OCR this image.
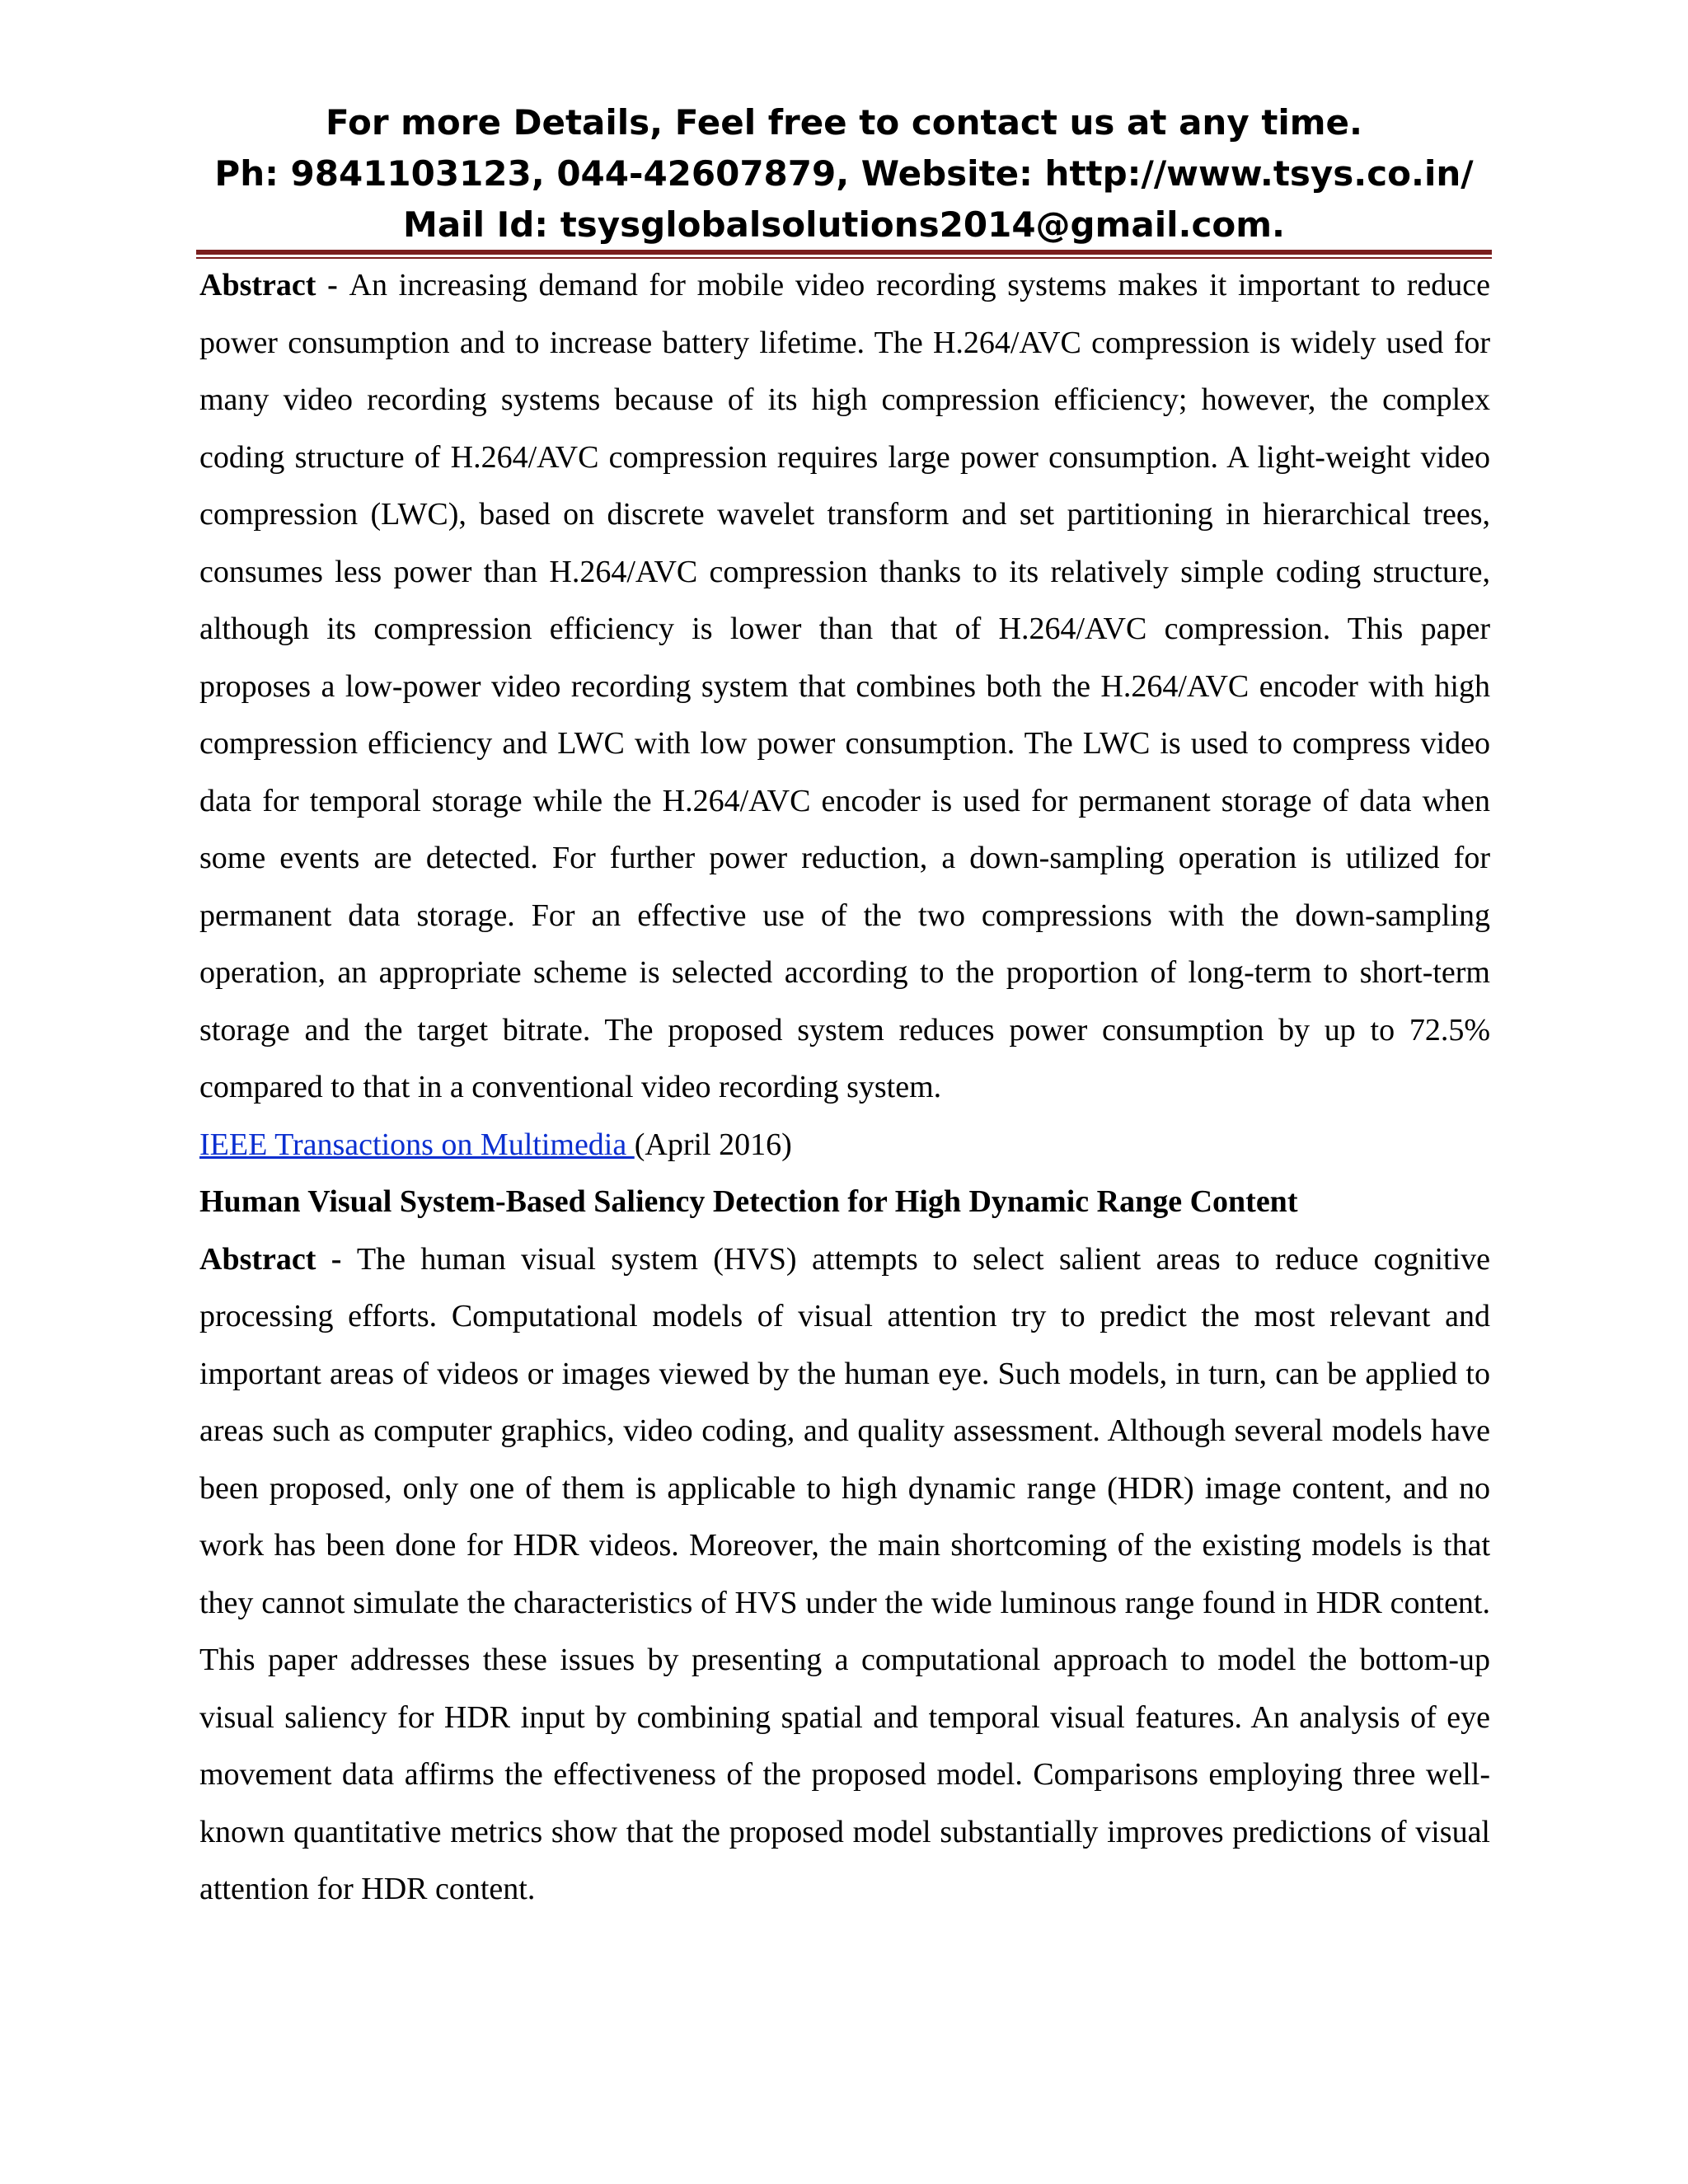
For more Details, Feel free to contact us at any time.
Ph: 9841103123, 044-42607879, Website: http://www.tsys.co.in/
Mail Id: tsysglobalsolutions2014@gmail.com.

Abstract - An increasing demand for mobile video recording systems makes it important to reduce power consumption and to increase battery lifetime. The H.264/AVC compression is widely used for many video recording systems because of its high compression efficiency; however, the complex coding structure of H.264/AVC compression requires large power consumption. A light-weight video compression (LWC), based on discrete wavelet transform and set partitioning in hierarchical trees, consumes less power than H.264/AVC compression thanks to its relatively simple coding structure, although its compression efficiency is lower than that of H.264/AVC compression. This paper proposes a low-power video recording system that combines both the H.264/AVC encoder with high compression efficiency and LWC with low power consumption. The LWC is used to compress video data for temporal storage while the H.264/AVC encoder is used for permanent storage of data when some events are detected. For further power reduction, a down-sampling operation is utilized for permanent data storage. For an effective use of the two compressions with the down-sampling operation, an appropriate scheme is selected according to the proportion of long-term to short-term storage and the target bitrate. The proposed system reduces power consumption by up to 72.5% compared to that in a conventional video recording system.

IEEE Transactions on Multimedia (April 2016)

Human Visual System-Based Saliency Detection for High Dynamic Range Content

Abstract - The human visual system (HVS) attempts to select salient areas to reduce cognitive processing efforts. Computational models of visual attention try to predict the most relevant and important areas of videos or images viewed by the human eye. Such models, in turn, can be applied to areas such as computer graphics, video coding, and quality assessment. Although several models have been proposed, only one of them is applicable to high dynamic range (HDR) image content, and no work has been done for HDR videos. Moreover, the main shortcoming of the existing models is that they cannot simulate the characteristics of HVS under the wide luminous range found in HDR content. This paper addresses these issues by presenting a computational approach to model the bottom-up visual saliency for HDR input by combining spatial and temporal visual features. An analysis of eye movement data affirms the effectiveness of the proposed model. Comparisons employing three well-known quantitative metrics show that the proposed model substantially improves predictions of visual attention for HDR content.
